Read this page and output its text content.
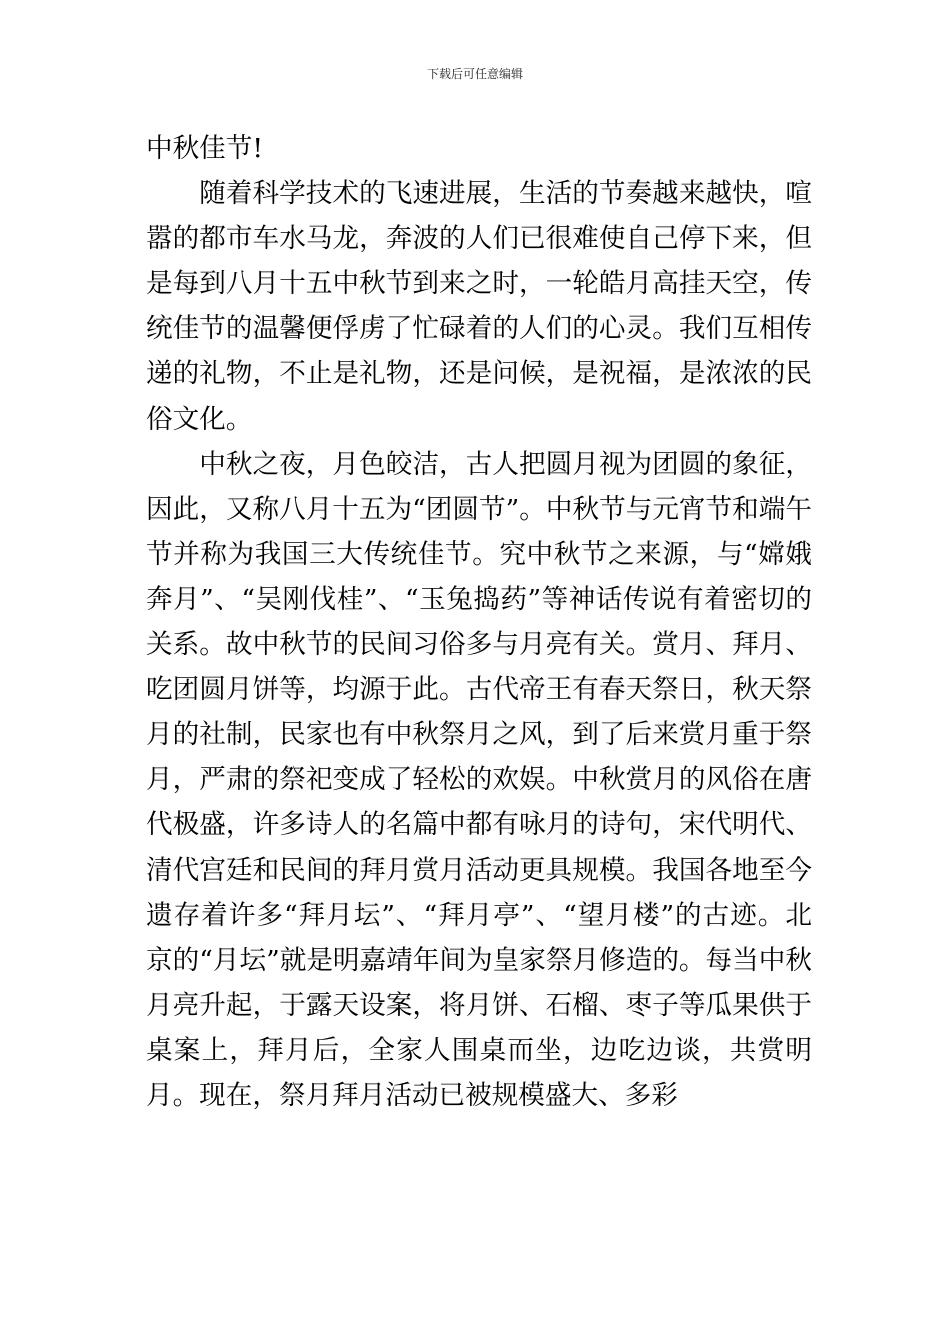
下载后可任意编辑

中秋佳节!

随着科学技术的飞速进展，生活的节奏越来越快，喧嚣的都市车水马龙，奔波的人们已很难使自己停下来，但是每到八月十五中秋节到来之时，一轮皓月高挂天空，传统佳节的温馨便俘虏了忙碌着的人们的心灵。我们互相传递的礼物，不止是礼物，还是问候，是祝福，是浓浓的民俗文化。

中秋之夜，月色皎洁，古人把圆月视为团圆的象征，因此，又称八月十五为“团圆节”。中秋节与元宵节和端午节并称为我国三大传统佳节。究中秋节之来源，与“嫦娥奔月”、“吴刚伐桂”、“玉兔捣药”等神话传说有着密切的关系。故中秋节的民间习俗多与月亮有关。赏月、拜月、吃团圆月饼等，均源于此。古代帝王有春天祭日，秋天祭月的社制，民家也有中秋祭月之风，到了后来赏月重于祭月，严肃的祭祀变成了轻松的欢娱。中秋赏月的风俗在唐代极盛，许多诗人的名篇中都有咏月的诗句，宋代明代、清代宫廷和民间的拜月赏月活动更具规模。我国各地至今遗存着许多“拜月坛”、“拜月亭”、“望月楼”的古迹。北京的“月坛”就是明嘉靖年间为皇家祭月修造的。每当中秋月亮升起，于露天设案，将月饼、石榴、枣子等瓜果供于桌案上，拜月后，全家人围桌而坐，边吃边谈，共赏明月。现在，祭月拜月活动已被规模盛大、多彩
